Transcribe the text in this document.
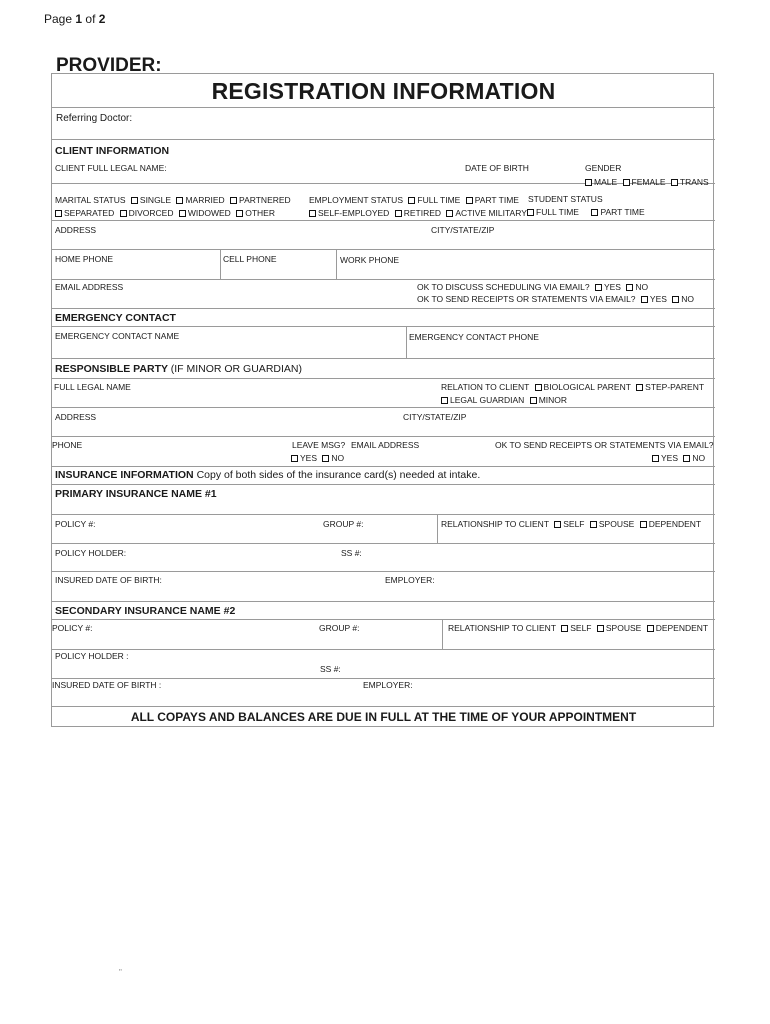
Page 1 of 2
PROVIDER:
REGISTRATION INFORMATION
Referring Doctor:
CLIENT INFORMATION
CLIENT FULL LEGAL NAME:	DATE OF BIRTH	GENDER
MALE FEMALE TRANS
MARITAL STATUS SINGLE MARRIED PARTNERED
SEPARATED DIVORCED WIDOWED OTHER
EMPLOYMENT STATUS FULL TIME PART TIME
SELF-EMPLOYED RETIRED ACTIVE MILITARY
STUDENT STATUS
FULL TIME	PART TIME
ADDRESS	CITY/STATE/ZIP
HOME PHONE	CELL PHONE	WORK PHONE
EMAIL ADDRESS	OK TO DISCUSS SCHEDULING VIA EMAIL? YES NO
OK TO SEND RECEIPTS OR STATEMENTS VIA EMAIL? YES NO
EMERGENCY CONTACT
EMERGENCY CONTACT NAME	EMERGENCY CONTACT PHONE
RESPONSIBLE PARTY (IF MINOR OR GUARDIAN)
FULL LEGAL NAME	RELATION TO CLIENT BIOLOGICAL PARENT STEP-PARENT
LEGAL GUARDIAN MINOR
ADDRESS	CITY/STATE/ZIP
PHONE	LEAVE MSG?
YES NO
EMAIL ADDRESS	OK TO SEND RECEIPTS OR STATEMENTS VIA EMAIL?
YES NO
INSURANCE INFORMATION Copy of both sides of the insurance card(s) needed at intake.
PRIMARY INSURANCE NAME #1
POLICY #:	GROUP #:	RELATIONSHIP TO CLIENT SELF SPOUSE DEPENDENT
POLICY HOLDER:	SS #:
INSURED DATE OF BIRTH:	EMPLOYER:
SECONDARY INSURANCE NAME #2
POLICY #:	GROUP #:	RELATIONSHIP TO CLIENT SELF SPOUSE DEPENDENT
POLICY HOLDER :
SS #:
INSURED DATE OF BIRTH :	EMPLOYER:
ALL COPAYS AND BALANCES ARE DUE IN FULL AT THE TIME OF YOUR APPOINTMENT
"
